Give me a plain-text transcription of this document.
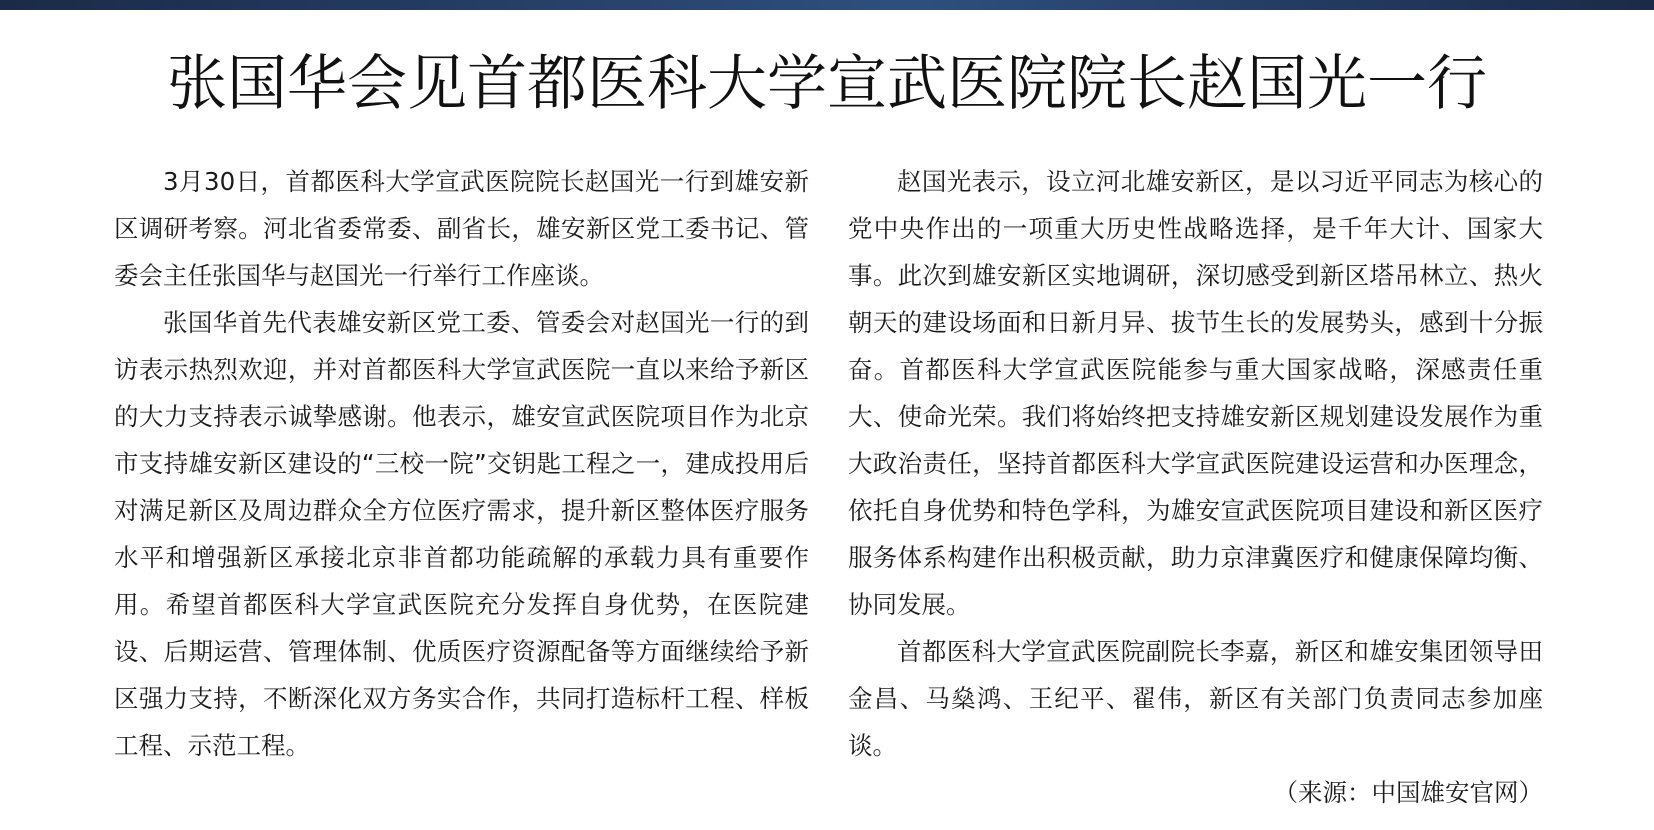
张国华会见首都医科大学宣武医院院长赵国光一行

3月30日，首都医科大学宣武医院院长赵国光一行到雄安新区调研考察。河北省委常委、副省长，雄安新区党工委书记、管委会主任张国华与赵国光一行举行工作座谈。

张国华首先代表雄安新区党工委、管委会对赵国光一行的到访表示热烈欢迎，并对首都医科大学宣武医院一直以来给予新区的大力支持表示诚挚感谢。他表示，雄安宣武医院项目作为北京市支持雄安新区建设的“三校一院”交钥匙工程之一，建成投用后对满足新区及周边群众全方位医疗需求，提升新区整体医疗服务水平和增强新区承接北京非首都功能疏解的承载力具有重要作用。希望首都医科大学宣武医院充分发挥自身优势，在医院建设、后期运营、管理体制、优质医疗资源配备等方面继续给予新区强力支持，不断深化双方务实合作，共同打造标杆工程、样板工程、示范工程。

赵国光表示，设立河北雄安新区，是以习近平同志为核心的党中央作出的一项重大历史性战略选择，是千年大计、国家大事。此次到雄安新区实地调研，深切感受到新区塔吊林立、热火朝天的建设场面和日新月异、拔节生长的发展势头，感到十分振奋。首都医科大学宣武医院能参与重大国家战略，深感责任重大、使命光荣。我们将始终把支持雄安新区规划建设发展作为重大政治责任，坚持首都医科大学宣武医院建设运营和办医理念，依托自身优势和特色学科，为雄安宣武医院项目建设和新区医疗服务体系构建作出积极贡献，助力京津冀医疗和健康保障均衡、协同发展。

首都医科大学宣武医院副院长李嘉，新区和雄安集团领导田金昌、马燊鸿、王纪平、翟伟，新区有关部门负责同志参加座谈。

（来源：中国雄安官网）
